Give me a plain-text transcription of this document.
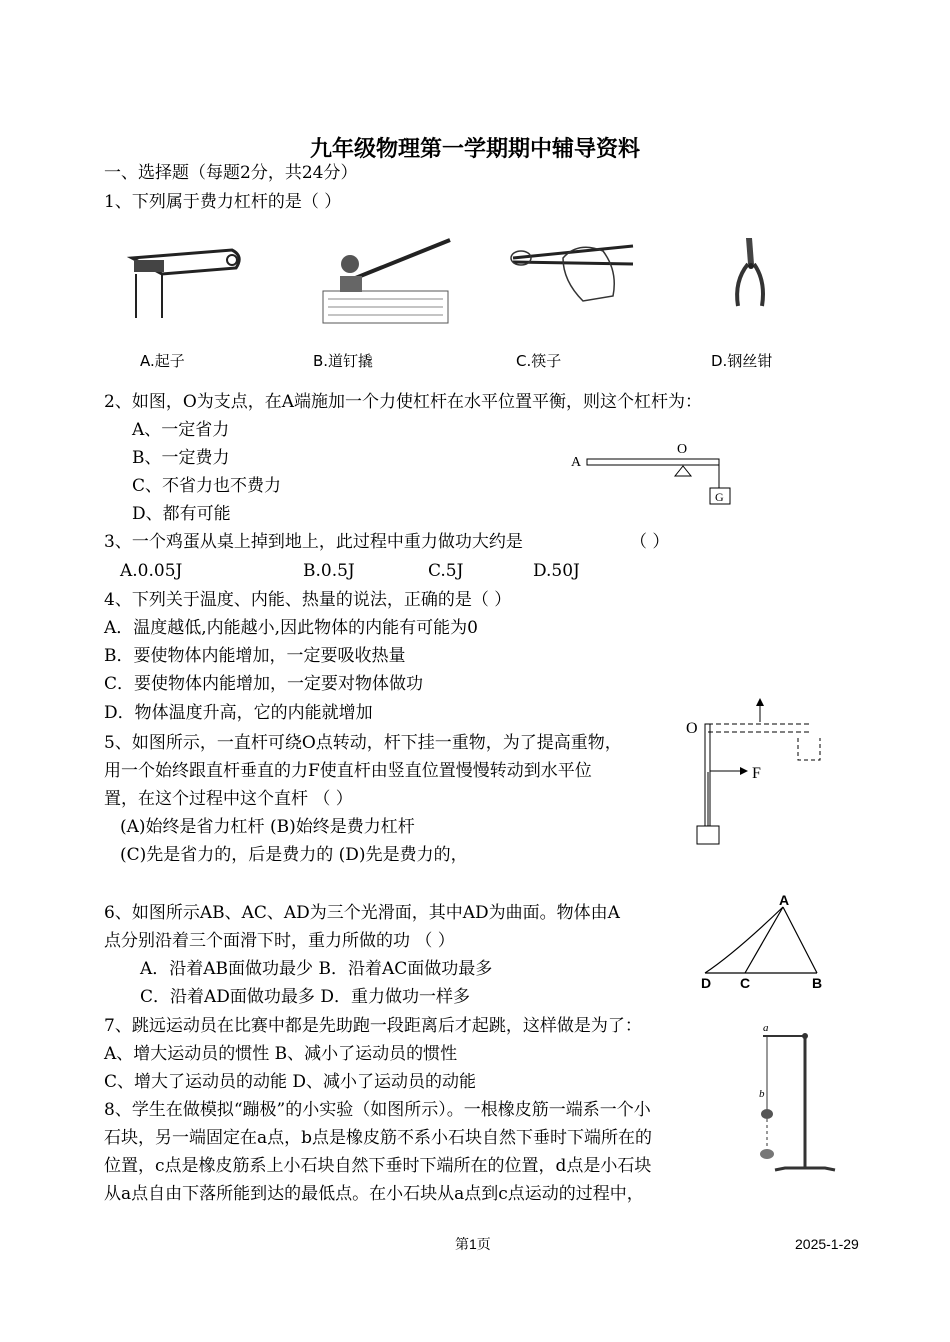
九年级物理第一学期期中辅导资料
一、选择题（每题2分，共24分）
1、下列属于费力杠杆的是（ ）
A.起子	B.道钉撬	C.筷子	D.钢丝钳
2、如图，O为支点，在A端施加一个力使杠杆在水平位置平衡，则这个杠杆为：
A、一定省力
B、一定费力
C、不省力也不费力
D、都有可能
A
O
G
3、一个鸡蛋从桌上掉到地上，此过程中重力做功大约是	（ ）
A.0.05J	B.0.5J	C.5J	D.50J
4、下列关于温度、内能、热量的说法，正确的是（ ）
A．温度越低,内能越小,因此物体的内能有可能为0
B．要使物体内能增加，一定要吸收热量
C．要使物体内能增加，一定要对物体做功
D．物体温度升高，它的内能就增加
5、如图所示，一直杆可绕O点转动，杆下挂一重物，为了提高重物，
用一个始终跟直杆垂直的力F使直杆由竖直位置慢慢转动到水平位
置，在这个过程中这个直杆 （ ）
(A)始终是省力杠杆 (B)始终是费力杠杆
(C)先是省力的，后是费力的 (D)先是费力的，
O
F
6、如图所示AB、AC、AD为三个光滑面，其中AD为曲面。物体由A
点分别沿着三个面滑下时，重力所做的功 （ ）
A．沿着AB面做功最少 B．沿着AC面做功最多
C．沿着AD面做功最多 D．重力做功一样多
A
B
C
D
7、跳远运动员在比赛中都是先助跑一段距离后才起跳，这样做是为了：
A、增大运动员的惯性 B、减小了运动员的惯性
C、增大了运动员的动能 D、减小了运动员的动能
8、学生在做模拟“蹦极”的小实验（如图所示）。一根橡皮筋一端系一个小
石块，另一端固定在a点，b点是橡皮筋不系小石块自然下垂时下端所在的
位置，c点是橡皮筋系上小石块自然下垂时下端所在的位置，d点是小石块
从a点自由下落所能到达的最低点。在小石块从a点到c点运动的过程中，
a
b
第1页	2025-1-29
